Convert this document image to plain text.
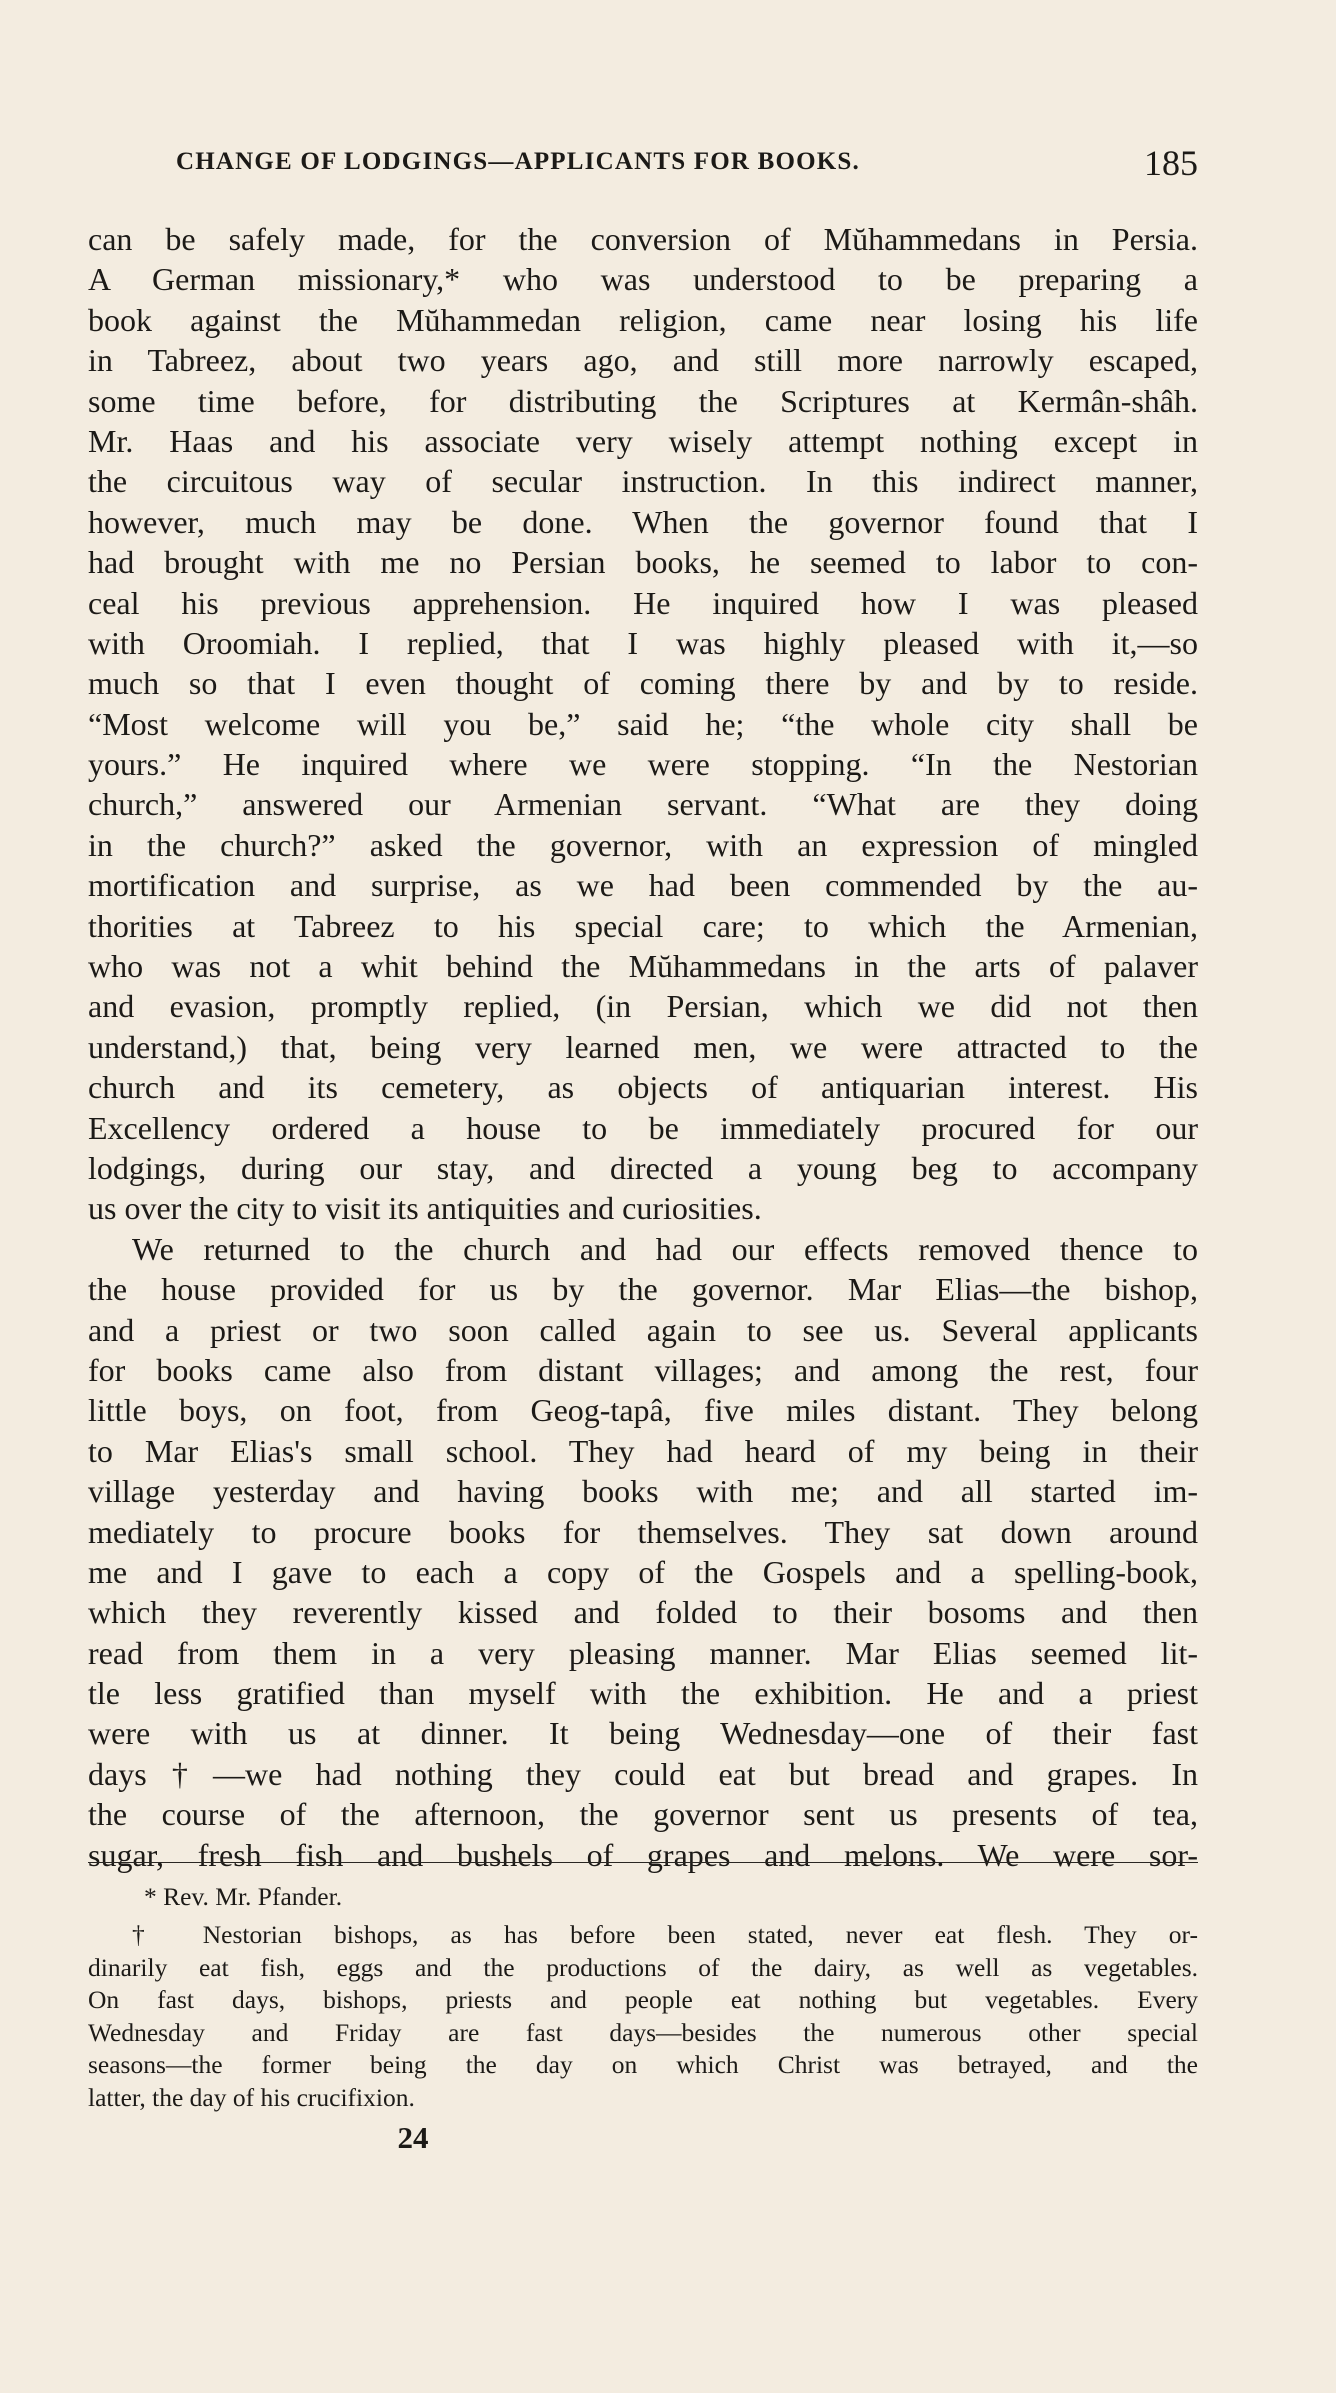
CHANGE OF LODGINGS—APPLICANTS FOR BOOKS.	185
can be safely made, for the conversion of Mŭhammedans in Persia.
A German missionary,* who was understood to be preparing a
book against the Mŭhammedan religion, came near losing his life
in Tabreez, about two years ago, and still more narrowly escaped,
some time before, for distributing the Scriptures at Kermân-shâh.
Mr. Haas and his associate very wisely attempt nothing except in
the circuitous way of secular instruction. In this indirect manner,
however, much may be done. When the governor found that I
had brought with me no Persian books, he seemed to labor to con-
ceal his previous apprehension. He inquired how I was pleased
with Oroomiah. I replied, that I was highly pleased with it,—so
much so that I even thought of coming there by and by to reside.
“Most welcome will you be,” said he; “the whole city shall be
yours.” He inquired where we were stopping. “In the Nestorian
church,” answered our Armenian servant. “What are they doing
in the church?” asked the governor, with an expression of mingled
mortification and surprise, as we had been commended by the au-
thorities at Tabreez to his special care; to which the Armenian,
who was not a whit behind the Mŭhammedans in the arts of palaver
and evasion, promptly replied, (in Persian, which we did not then
understand,) that, being very learned men, we were attracted to the
church and its cemetery, as objects of antiquarian interest. His
Excellency ordered a house to be immediately procured for our
lodgings, during our stay, and directed a young beg to accompany
us over the city to visit its antiquities and curiosities.
We returned to the church and had our effects removed thence to
the house provided for us by the governor. Mar Elias—the bishop,
and a priest or two soon called again to see us. Several applicants
for books came also from distant villages; and among the rest, four
little boys, on foot, from Geog-tapâ, five miles distant. They belong
to Mar Elias's small school. They had heard of my being in their
village yesterday and having books with me; and all started im-
mediately to procure books for themselves. They sat down around
me and I gave to each a copy of the Gospels and a spelling-book,
which they reverently kissed and folded to their bosoms and then
read from them in a very pleasing manner. Mar Elias seemed lit-
tle less gratified than myself with the exhibition. He and a priest
were with us at dinner. It being Wednesday—one of their fast
days†—we had nothing they could eat but bread and grapes. In
the course of the afternoon, the governor sent us presents of tea,
sugar, fresh fish and bushels of grapes and melons. We were sor-
* Rev. Mr. Pfander.
† Nestorian bishops, as has before been stated, never eat flesh. They or-
dinarily eat fish, eggs and the productions of the dairy, as well as vegetables.
On fast days, bishops, priests and people eat nothing but vegetables. Every
Wednesday and Friday are fast days—besides the numerous other special
seasons—the former being the day on which Christ was betrayed, and the
latter, the day of his crucifixion.
24
